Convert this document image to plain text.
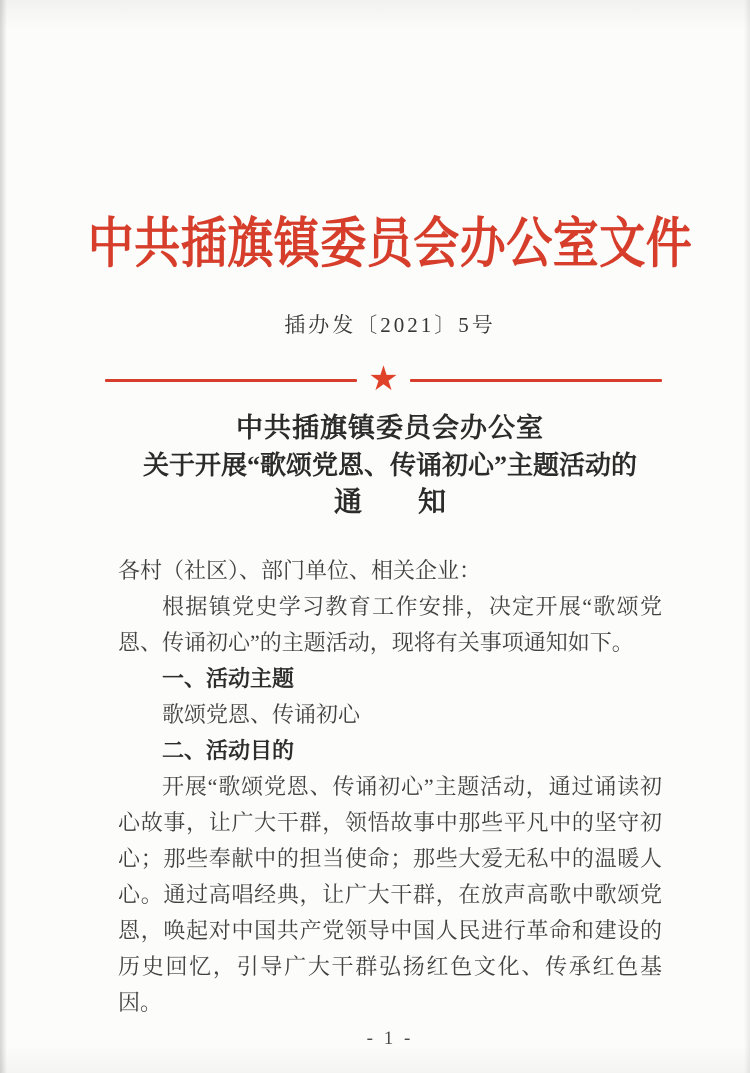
中共插旗镇委员会办公室文件
插办发〔2021〕5号
★
中共插旗镇委员会办公室
关于开展“歌颂党恩、传诵初心”主题活动的
通　　知

各村（社区）、部门单位、相关企业：

根据镇党史学习教育工作安排，决定开展“歌颂党恩、传诵初心”的主题活动，现将有关事项通知如下。

一、活动主题

歌颂党恩、传诵初心

二、活动目的

开展“歌颂党恩、传诵初心”主题活动，通过诵读初心故事，让广大干群，领悟故事中那些平凡中的坚守初心；那些奉献中的担当使命；那些大爱无私中的温暖人心。通过高唱经典，让广大干群，在放声高歌中歌颂党恩，唤起对中国共产党领导中国人民进行革命和建设的历史回忆，引导广大干群弘扬红色文化、传承红色基因。

- 1 -
